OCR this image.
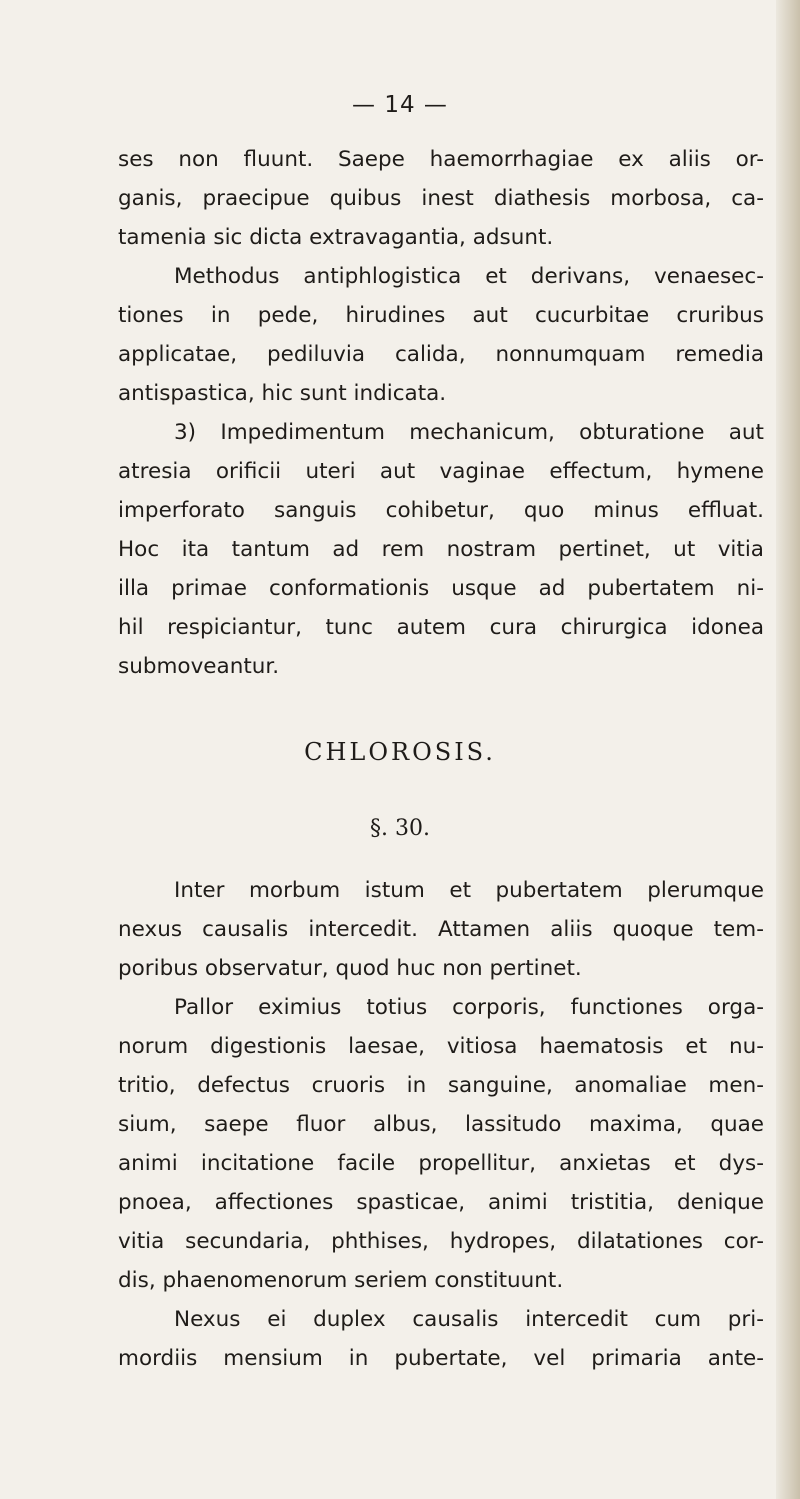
— 14 —
ses non fluunt. Saepe haemorrhagiae ex aliis or-
ganis, praecipue quibus inest diathesis morbosa, ca-
tamenia sic dicta extravagantia, adsunt.
Methodus antiphlogistica et derivans, venaesec-
tiones in pede, hirudines aut cucurbitae cruribus
applicatae, pediluvia calida, nonnumquam remedia
antispastica, hic sunt indicata.
3) Impedimentum mechanicum, obturatione aut
atresia orificii uteri aut vaginae effectum, hymene
imperforato sanguis cohibetur, quo minus effluat.
Hoc ita tantum ad rem nostram pertinet, ut vitia
illa primae conformationis usque ad pubertatem ni-
hil respiciantur, tunc autem cura chirurgica idonea
submoveantur.
CHLOROSIS.
§. 30.
Inter morbum istum et pubertatem plerumque
nexus causalis intercedit. Attamen aliis quoque tem-
poribus observatur, quod huc non pertinet.
Pallor eximius totius corporis, functiones orga-
norum digestionis laesae, vitiosa haematosis et nu-
tritio, defectus cruoris in sanguine, anomaliae men-
sium, saepe fluor albus, lassitudo maxima, quae
animi incitatione facile propellitur, anxietas et dys-
pnoea, affectiones spasticae, animi tristitia, denique
vitia secundaria, phthises, hydropes, dilatationes cor-
dis, phaenomenorum seriem constituunt.
Nexus ei duplex causalis intercedit cum pri-
mordiis mensium in pubertate, vel primaria ante-
